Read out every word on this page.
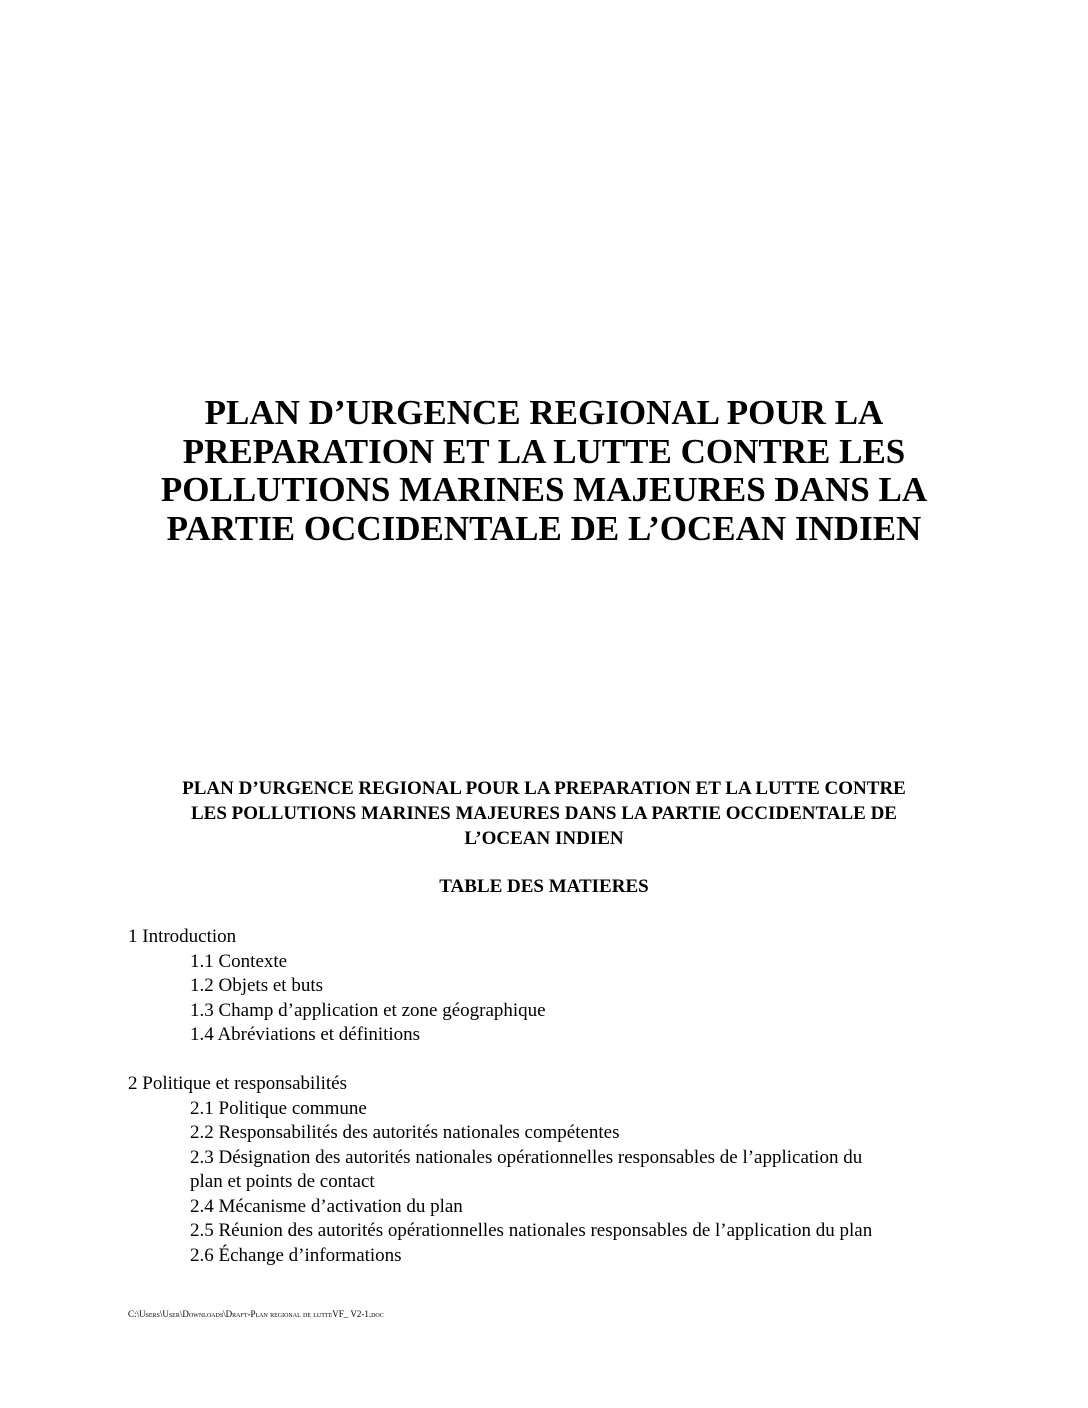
PLAN D’URGENCE REGIONAL POUR LA
PREPARATION ET LA LUTTE CONTRE LES
POLLUTIONS MARINES MAJEURES DANS LA
PARTIE OCCIDENTALE DE L’OCEAN INDIEN
PLAN D’URGENCE REGIONAL POUR LA PREPARATION ET LA LUTTE CONTRE
LES POLLUTIONS MARINES MAJEURES DANS LA PARTIE OCCIDENTALE DE
L’OCEAN INDIEN
TABLE DES MATIERES
1 Introduction
1.1 Contexte
1.2 Objets et buts
1.3 Champ d’application et zone géographique
1.4 Abréviations et définitions
2 Politique et responsabilités
2.1 Politique commune
2.2 Responsabilités des autorités nationales compétentes
2.3 Désignation des autorités nationales opérationnelles responsables de l’application du
plan et points de contact
2.4 Mécanisme d’activation du plan
2.5 Réunion des autorités opérationnelles nationales responsables de l’application du plan
2.6 Échange d’informations

C:\Users\User\Downloads\Draft-Plan regional de lutteVF_ V2-1.doc
